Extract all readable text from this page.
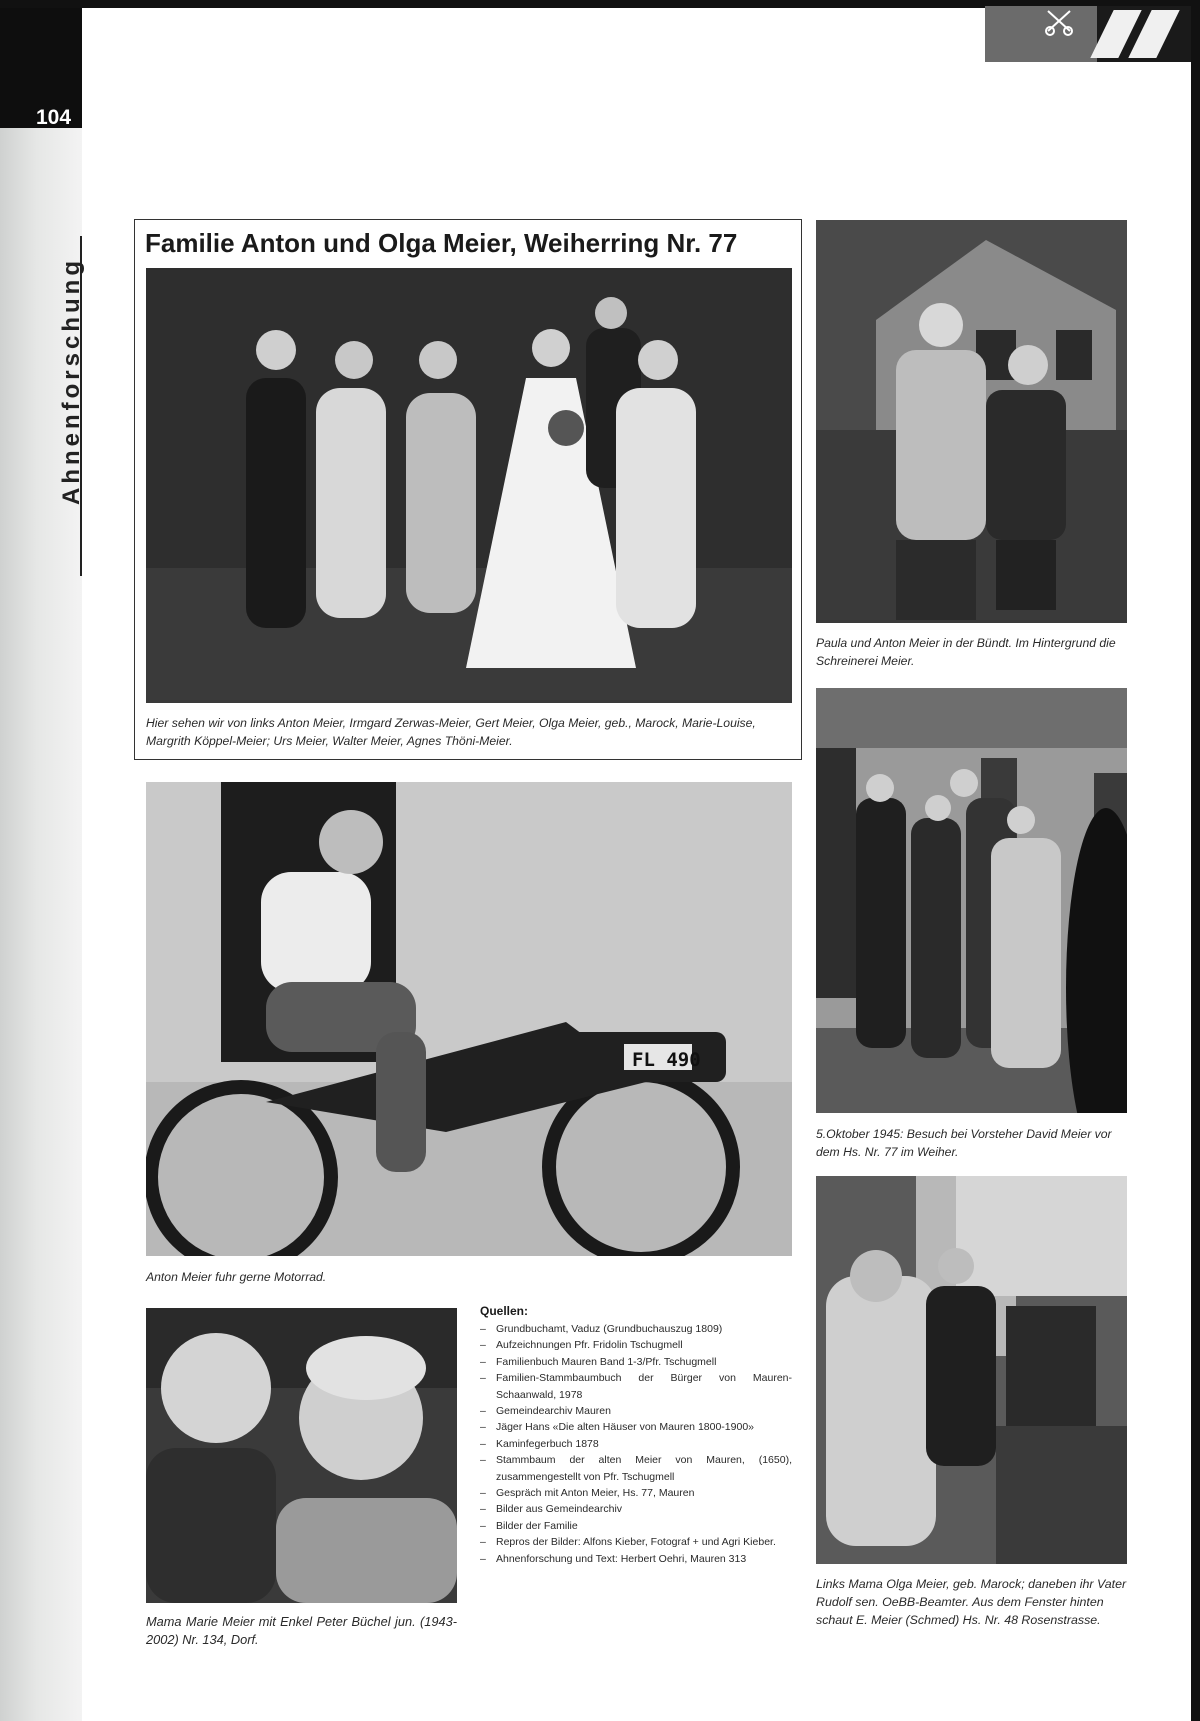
104
Ahnenforschung
Familie Anton und Olga Meier, Weiherring Nr. 77
Hier sehen wir von links Anton Meier, Irmgard Zerwas-Meier, Gert Meier, Olga Meier, geb., Marock, Marie-Louise, Margrith Köppel-Meier; Urs Meier, Walter Meier, Agnes Thöni-Meier.
Paula und Anton Meier in der Bündt. Im Hintergrund die Schreinerei Meier.
5.Oktober 1945: Besuch bei Vorsteher David Meier vor dem Hs. Nr. 77 im Weiher.
Links Mama Olga Meier, geb. Marock; daneben ihr Vater Rudolf sen. OeBB-Beamter. Aus dem Fenster hinten schaut E. Meier (Schmed) Hs. Nr. 48 Rosenstrasse.
FL 490
Anton Meier fuhr gerne Motorrad.
Mama Marie Meier mit Enkel Peter Büchel jun. (1943-2002) Nr. 134, Dorf.
Quellen:
– Grundbuchamt, Vaduz (Grundbuchauszug 1809)
– Aufzeichnungen Pfr. Fridolin Tschugmell
– Familienbuch Mauren Band 1-3/Pfr. Tschugmell
– Familien-Stammbaumbuch der Bürger von Mauren-Schaanwald, 1978
– Gemeindearchiv Mauren
– Jäger Hans «Die alten Häuser von Mauren 1800-1900»
– Kaminfegerbuch 1878
– Stammbaum der alten Meier von Mauren, (1650), zusammengestellt von Pfr. Tschugmell
– Gespräch mit Anton Meier, Hs. 77, Mauren
– Bilder aus Gemeindearchiv
– Bilder der Familie
– Repros der Bilder: Alfons Kieber, Fotograf + und Agri Kieber.
– Ahnenforschung und Text: Herbert Oehri, Mauren 313
